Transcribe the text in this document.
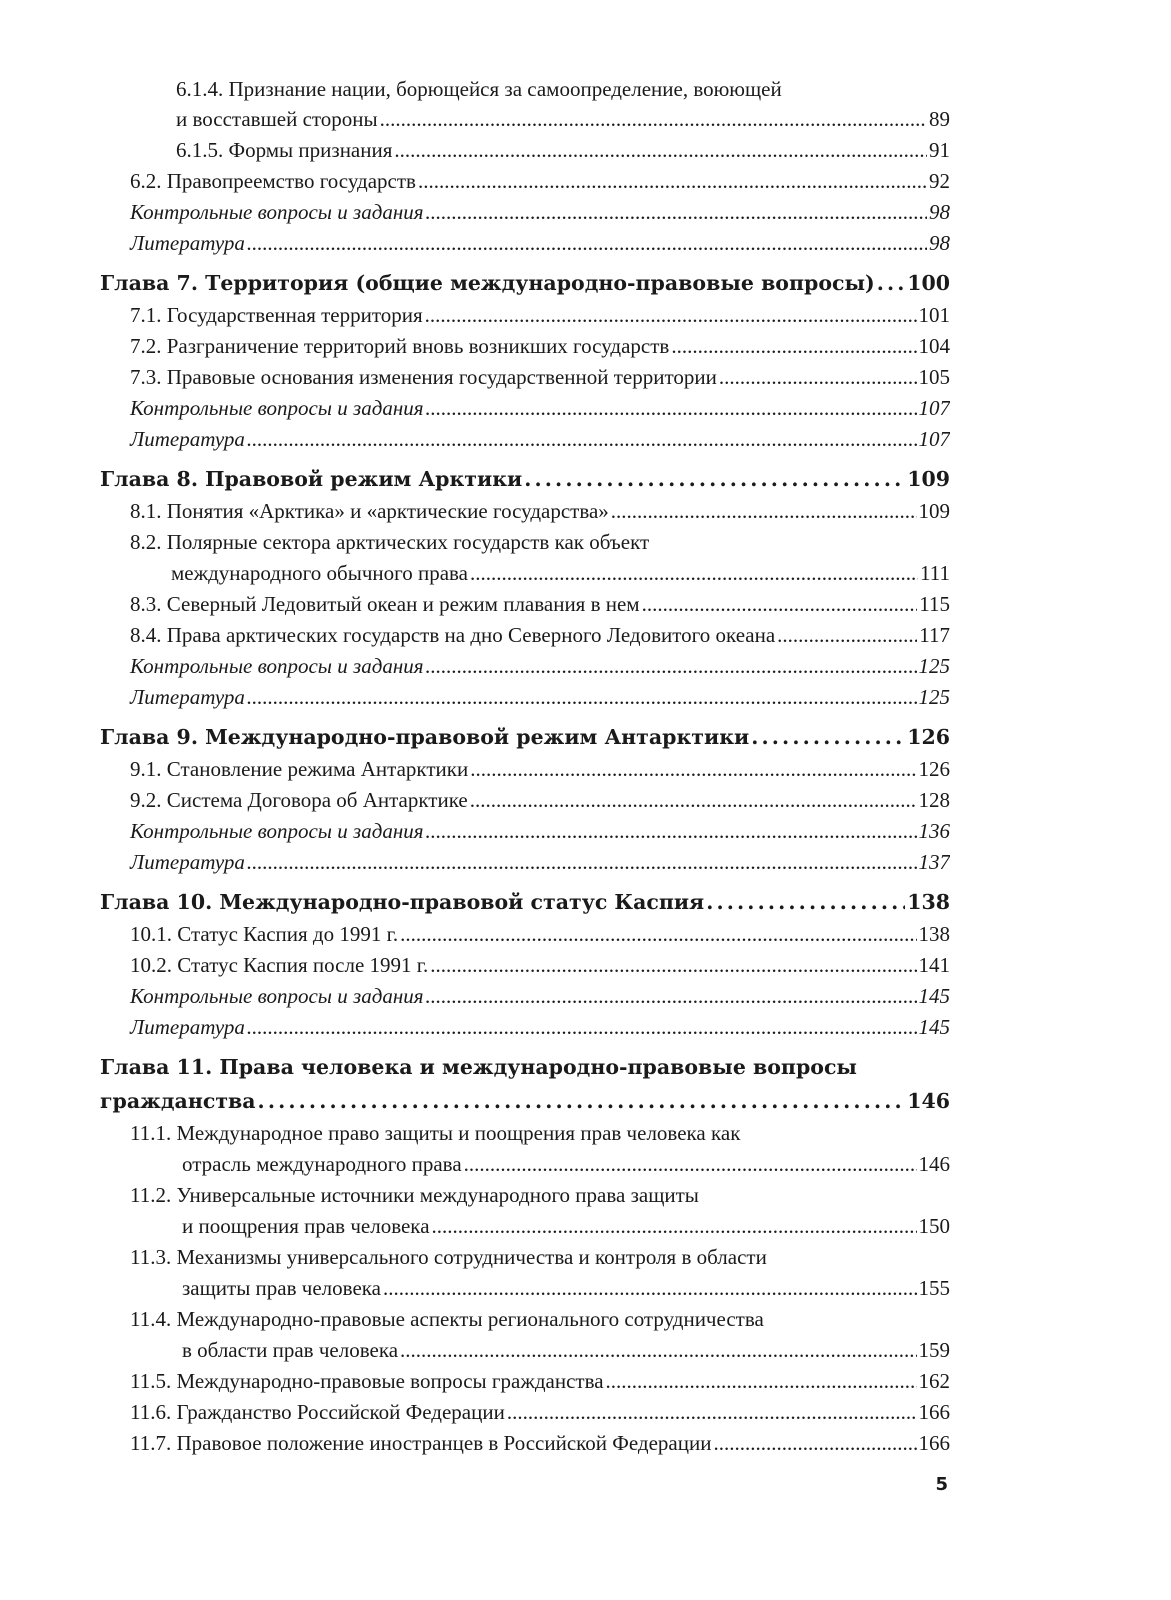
6.1.4. Признание нации, борющейся за самоопределение, воюющей
и восставшей стороны .....	89
6.1.5. Формы признания .....	91
6.2. Правопреемство государств .....	92
Контрольные вопросы и задания .....	98
Литература .....	98
Глава 7. Территория (общие международно-правовые вопросы) . . . 100
7.1. Государственная территория .....	101
7.2. Разграничение территорий вновь возникших государств .....	104
7.3. Правовые основания изменения государственной территории .....	105
Контрольные вопросы и задания .....	107
Литература .....	107
Глава 8. Правовой режим Арктики . . .	109
8.1. Понятия «Арктика» и «арктические государства» .....	109
8.2. Полярные сектора арктических государств как объект
международного обычного права .....	111
8.3. Северный Ледовитый океан и режим плавания в нем .....	115
8.4. Права арктических государств на дно Северного Ледовитого океана .....	117
Контрольные вопросы и задания .....	125
Литература .....	125
Глава 9. Международно-правовой режим Антарктики . . .	126
9.1. Становление режима Антарктики .....	126
9.2. Система Договора об Антарктике .....	128
Контрольные вопросы и задания .....	136
Литература .....	137
Глава 10. Международно-правовой статус Каспия . . .	138
10.1. Статус Каспия до 1991 г. .....	138
10.2. Статус Каспия после 1991 г. .....	141
Контрольные вопросы и задания .....	145
Литература .....	145
Глава 11. Права человека и международно-правовые вопросы
гражданства . . .	146
11.1. Международное право защиты и поощрения прав человека как
отрасль международного права .....	146
11.2. Универсальные источники международного права защиты
и поощрения прав человека .....	150
11.3. Механизмы универсального сотрудничества и контроля в области
защиты прав человека .....	155
11.4. Международно-правовые аспекты регионального сотрудничества
в области прав человека .....	159
11.5. Международно-правовые вопросы гражданства .....	162
11.6. Гражданство Российской Федерации .....	166
11.7. Правовое положение иностранцев в Российской Федерации .....	166
5
